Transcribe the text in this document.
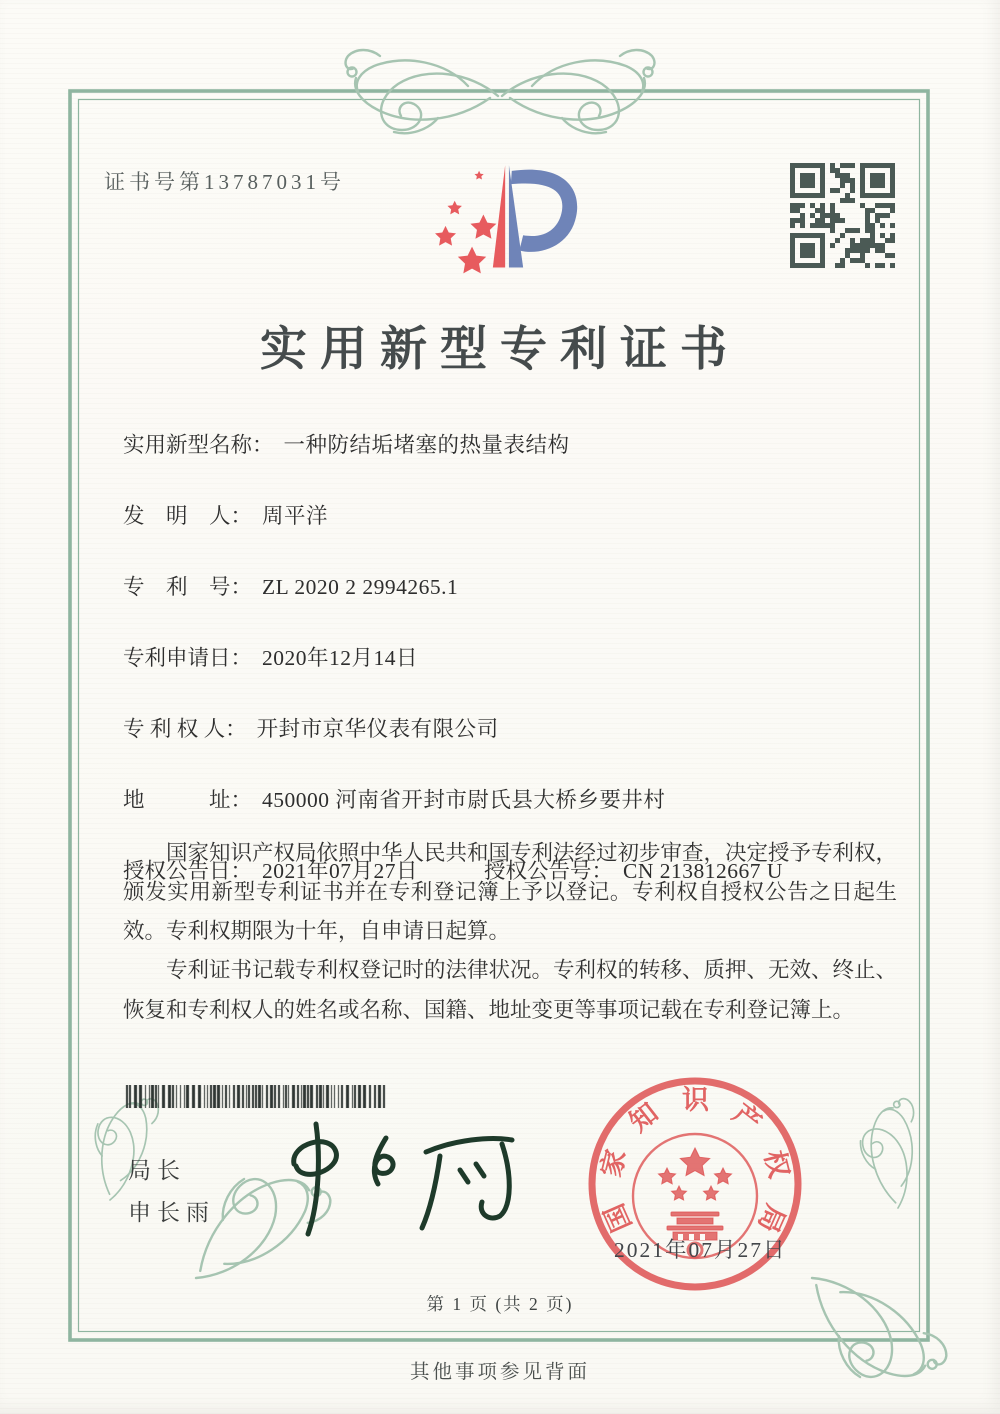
证书号第13787031号
实用新型专利证书
实用新型名称： 一种防结垢堵塞的热量表结构
发　明　人： 周平洋
专　利　号： ZL 2020 2 2994265.1
专利申请日： 2020年12月14日
专 利 权 人： 开封市京华仪表有限公司
地　　　址： 450000 河南省开封市尉氏县大桥乡要井村
授权公告日： 2021年07月27日	授权公告号： CN 213812667 U

国家知识产权局依照中华人民共和国专利法经过初步审查，决定授予专利权，颁发实用新型专利证书并在专利登记簿上予以登记。专利权自授权公告之日起生效。专利权期限为十年，自申请日起算。

专利证书记载专利权登记时的法律状况。专利权的转移、质押、无效、终止、恢复和专利权人的姓名或名称、国籍、地址变更等事项记载在专利登记簿上。

局长
申长雨	国
家
知 识 产
权
局
2021年07月27日
第 1 页 (共 2 页)
其他事项参见背面
